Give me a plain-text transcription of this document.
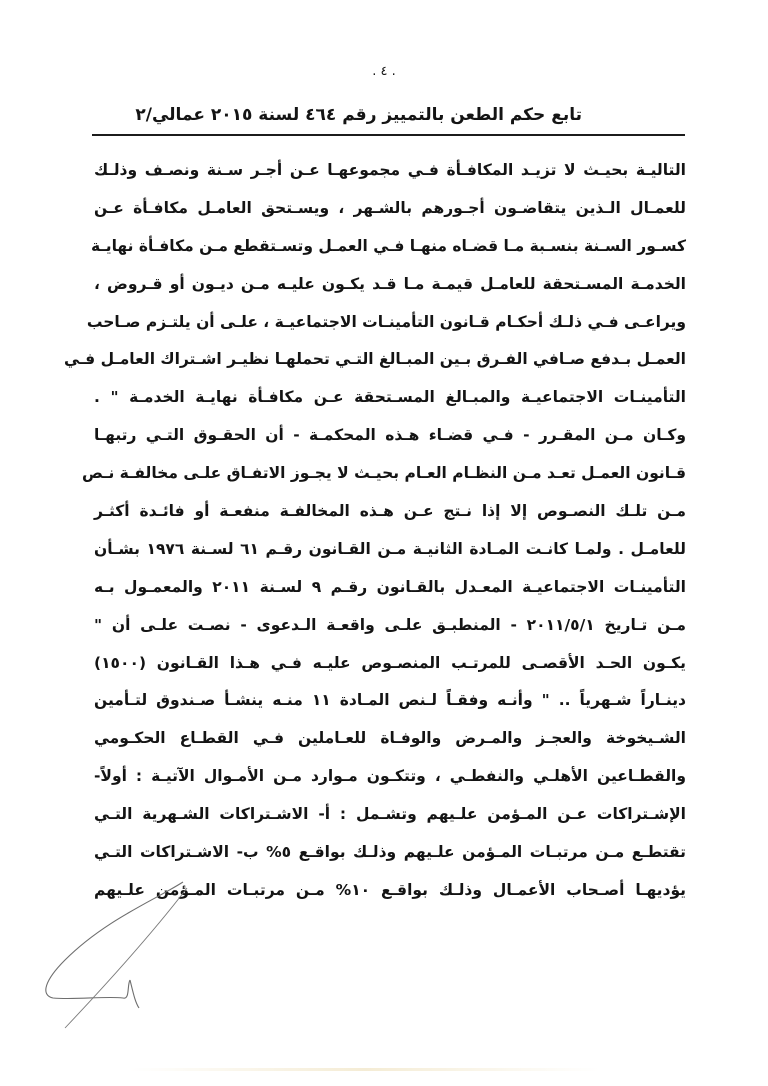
. ٤ .
تابع حكم الطعن بالتمييز رقم ٤٦٤ لسنة ٢٠١٥ عمالي/٢
التاليـة بحيـث لا تزيـد المكافـأة فـي مجموعهـا عـن أجـر سـنة ونصـف وذلـك
للعمـال الـذين يتقاضـون أجـورهم بالشـهر ، ويسـتحق العامـل مكافـأة عـن
كسـور السـنة بنسـبة مـا قضـاه منهـا فـي العمـل وتسـتقطع مـن مكافـأة نهايـة
الخدمـة المسـتحقة للعامـل قيمـة مـا قـد يكـون عليـه مـن ديـون أو قـروض ،
ويراعـى فـي ذلـك أحكـام قـانون التأمينـات الاجتماعيـة ، علـى أن يلتـزم صـاحب
العمـل بـدفع صـافي الفـرق بـين المبـالغ التـي تحملهـا نظيـر اشـتراك العامـل فـي
التأمينـات الاجتماعيـة والمبـالغ المسـتحقة عـن مكافـأة نهايـة الخدمـة " .
وكـان مـن المقـرر - فـي قضـاء هـذه المحكمـة - أن الحقـوق التـي رتبهـا
قـانون العمـل تعـد مـن النظـام العـام بحيـث لا يجـوز الاتفـاق علـى مخالفـة نـص
مـن تلـك النصـوص إلا إذا نـتج عـن هـذه المخالفـة منفعـة أو فائـدة أكثـر
للعامـل . ولمـا كانـت المـادة الثانيـة مـن القـانون رقـم ٦١ لسـنة ١٩٧٦ بشـأن
التأمينـات الاجتماعيـة المعـدل بالقـانون رقـم ٩ لسـنة ٢٠١١ والمعمـول بـه
مـن تـاريخ ٢٠١١/٥/١ - المنطبـق علـى واقعـة الـدعوى - نصـت علـى أن "
يكـون الحـد الأقصـى للمرتـب المنصـوص عليـه فـي هـذا القـانون (١٥٠٠)
دينـاراً شـهرياً .. " وأنـه وفقـاً لـنص المـادة ١١ منـه ينشـأ صـندوق لتـأمين
الشـيخوخة والعجـز والمـرض والوفـاة للعـاملين فـي القطـاع الحكـومي
والقطـاعين الأهلـي والنفطـي ، وتتكـون مـوارد مـن الأمـوال الآتيـة : أولاً-
الإشـتراكات عـن المـؤمن علـيهم وتشـمل : أ- الاشـتراكات الشـهرية التـي
تقتطـع مـن مرتبـات المـؤمن علـيهم وذلـك بواقـع ٥% ب- الاشـتراكات التـي
يؤديهـا أصـحاب الأعمـال وذلـك بواقـع ١٠% مـن مرتبـات المـؤمن علـيهم
